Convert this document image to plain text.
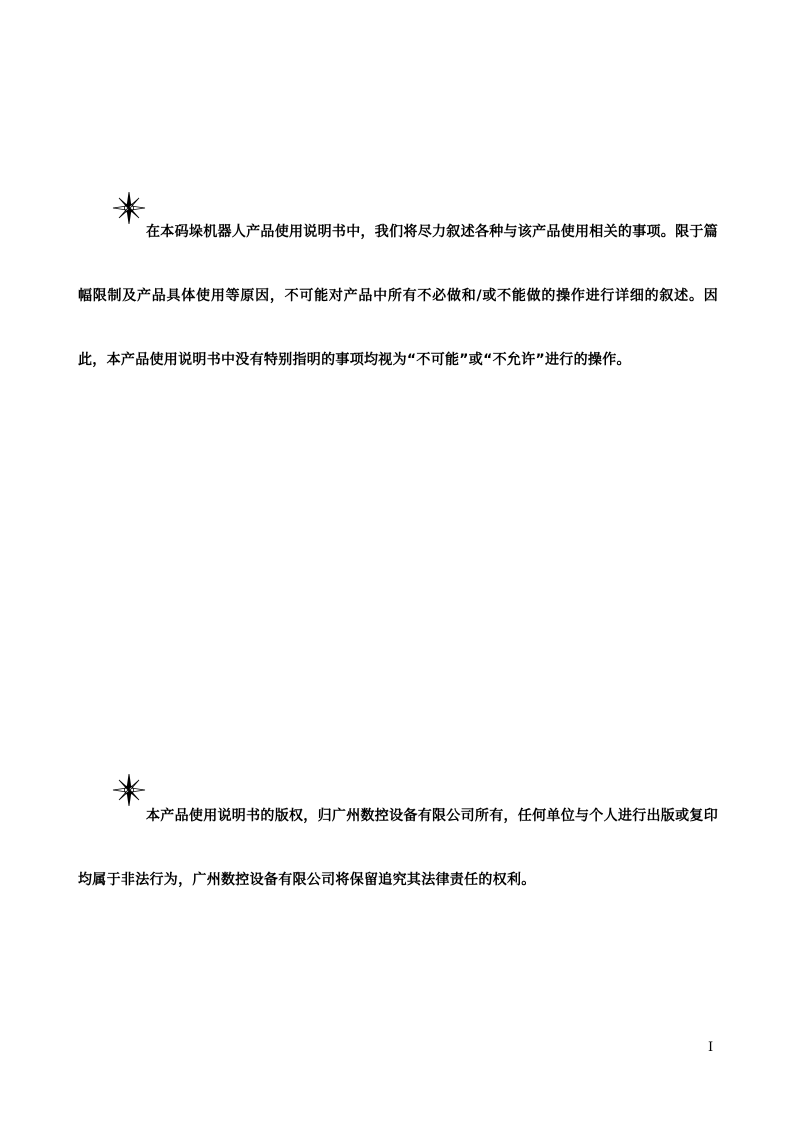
在本码垛机器人产品使用说明书中，我们将尽力叙述各种与该产品使用相关的事项。限于篇幅限制及产品具体使用等原因，不可能对产品中所有不必做和/或不能做的操作进行详细的叙述。因此，本产品使用说明书中没有特别指明的事项均视为“不可能”或“不允许”进行的操作。

本产品使用说明书的版权，归广州数控设备有限公司所有，任何单位与个人进行出版或复印均属于非法行为，广州数控设备有限公司将保留追究其法律责任的权利。

I
